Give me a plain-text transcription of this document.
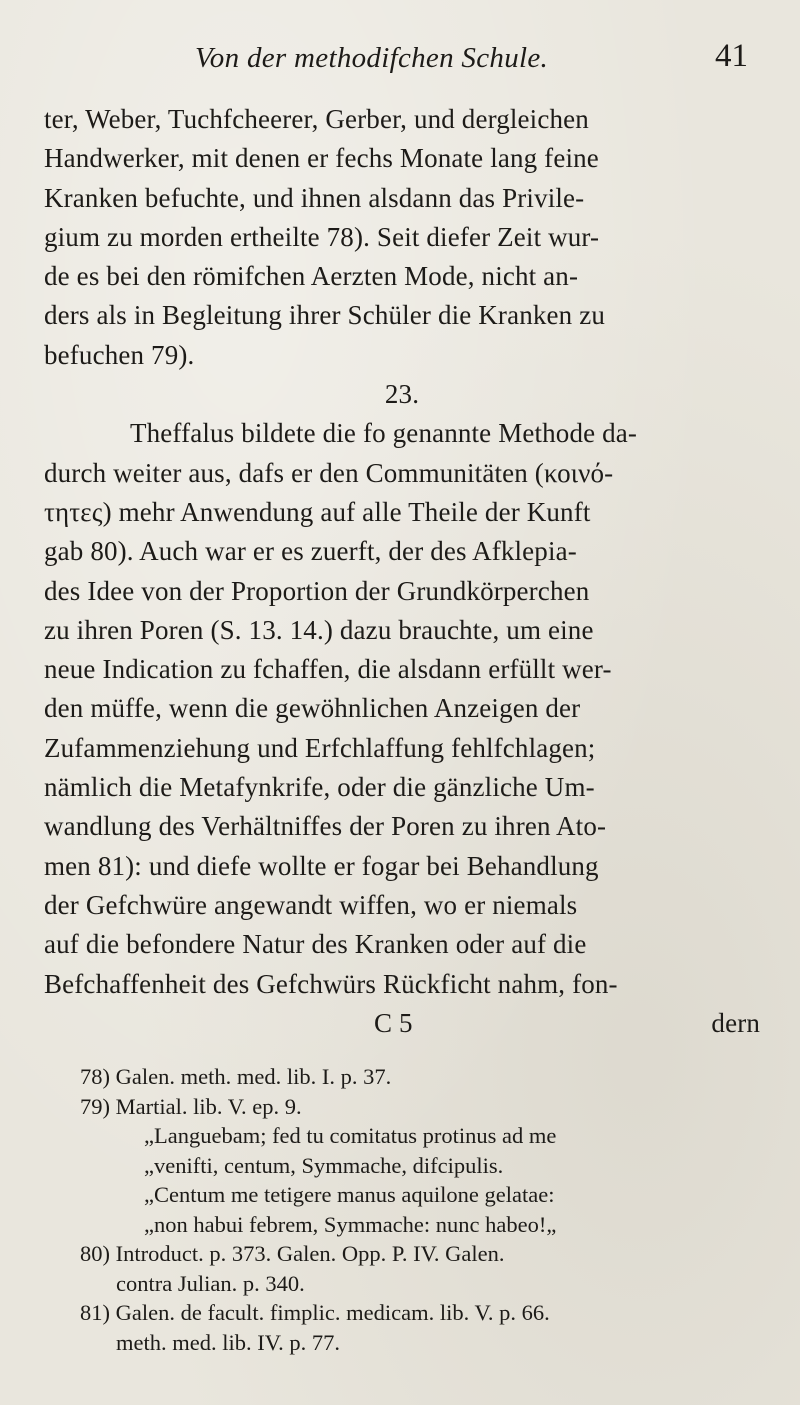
Von der methodifchen Schule.	41
ter, Weber, Tuchfcheerer, Gerber, und dergleichen
Handwerker, mit denen er fechs Monate lang feine
Kranken befuchte, und ihnen alsdann das Privile-
gium zu morden ertheilte 78). Seit diefer Zeit wur-
de es bei den römifchen Aerzten Mode, nicht an-
ders als in Begleitung ihrer Schüler die Kranken zu
befuchen 79).
23.
Theffalus bildete die fo genannte Methode da-
durch weiter aus, dafs er den Communitäten (κοινό-
τητες) mehr Anwendung auf alle Theile der Kunft
gab 80). Auch war er es zuerft, der des Afklepia-
des Idee von der Proportion der Grundkörperchen
zu ihren Poren (S. 13. 14.) dazu brauchte, um eine
neue Indication zu fchaffen, die alsdann erfüllt wer-
den müffe, wenn die gewöhnlichen Anzeigen der
Zufammenziehung und Erfchlaffung fehlfchlagen;
nämlich die Metafynkrife, oder die gänzliche Um-
wandlung des Verhältniffes der Poren zu ihren Ato-
men 81): und diefe wollte er fogar bei Behandlung
der Gefchwüre angewandt wiffen, wo er niemals
auf die befondere Natur des Kranken oder auf die
Befchaffenheit des Gefchwürs Rückficht nahm, fon-
C 5	dern
78) Galen. meth. med. lib. I. p. 37.
79) Martial. lib. V. ep. 9.
„Languebam; fed tu comitatus protinus ad me
„venifti, centum, Symmache, difcipulis.
„Centum me tetigere manus aquilone gelatae:
„non habui febrem, Symmache: nunc habeo!„
80) Introduct. p. 373. Galen. Opp. P. IV. Galen.
contra Julian. p. 340.
81) Galen. de facult. fimplic. medicam. lib. V. p. 66.
meth. med. lib. IV. p. 77.
